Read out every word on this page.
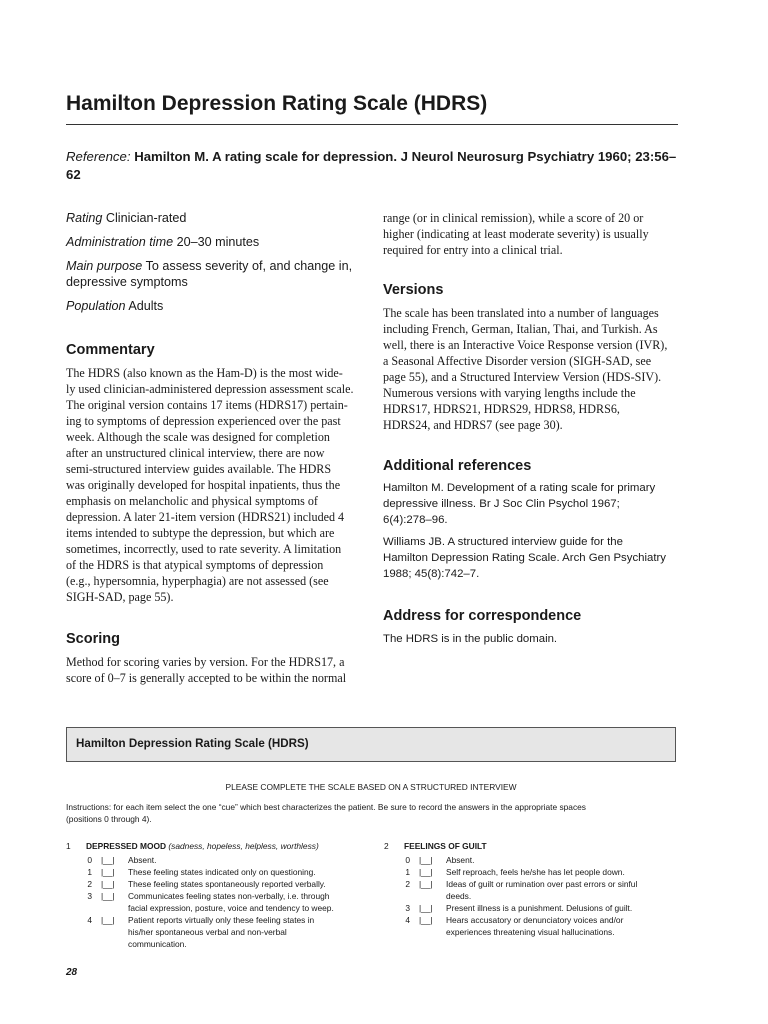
Hamilton Depression Rating Scale (HDRS)
Reference: Hamilton M. A rating scale for depression. J Neurol Neurosurg Psychiatry 1960; 23:56–62

Rating Clinician-rated

Administration time 20–30 minutes

Main purpose To assess severity of, and change in, depressive symptoms

Population Adults

Commentary
The HDRS (also known as the Ham-D) is the most wide-
ly used clinician-administered depression assessment scale.
The original version contains 17 items (HDRS17) pertain-
ing to symptoms of depression experienced over the past
week. Although the scale was designed for completion
after an unstructured clinical interview, there are now
semi-structured interview guides available. The HDRS
was originally developed for hospital inpatients, thus the
emphasis on melancholic and physical symptoms of
depression. A later 21-item version (HDRS21) included 4
items intended to subtype the depression, but which are
sometimes, incorrectly, used to rate severity. A limitation
of the HDRS is that atypical symptoms of depression
(e.g., hypersomnia, hyperphagia) are not assessed (see
SIGH-SAD, page 55).
Scoring
Method for scoring varies by version. For the HDRS17, a
score of 0–7 is generally accepted to be within the normal
range (or in clinical remission), while a score of 20 or
higher (indicating at least moderate severity) is usually
required for entry into a clinical trial.
Versions
The scale has been translated into a number of languages
including French, German, Italian, Thai, and Turkish. As
well, there is an Interactive Voice Response version (IVR),
a Seasonal Affective Disorder version (SIGH-SAD, see
page 55), and a Structured Interview Version (HDS-SIV).
Numerous versions with varying lengths include the
HDRS17, HDRS21, HDRS29, HDRS8, HDRS6,
HDRS24, and HDRS7 (see page 30).
Additional references
Hamilton M. Development of a rating scale for primary
depressive illness. Br J Soc Clin Psychol 1967;
6(4):278–96.
Williams JB. A structured interview guide for the
Hamilton Depression Rating Scale. Arch Gen Psychiatry
1988; 45(8):742–7.
Address for correspondence
The HDRS is in the public domain.
Hamilton Depression Rating Scale (HDRS)
PLEASE COMPLETE THE SCALE BASED ON A STRUCTURED INTERVIEW
Instructions: for each item select the one “cue” which best characterizes the patient. Be sure to record the answers in the appropriate spaces
(positions 0 through 4).
1 DEPRESSED MOOD (sadness, hopeless, helpless, worthless)
0 |__| Absent.
1 |__| These feeling states indicated only on questioning.
2 |__| These feeling states spontaneously reported verbally.
3 |__| Communicates feeling states non-verbally, i.e. through
facial expression, posture, voice and tendency to weep.
4 |__| Patient reports virtually only these feeling states in
his/her spontaneous verbal and non-verbal
communication.
2 FEELINGS OF GUILT
0 |__| Absent.
1 |__| Self reproach, feels he/she has let people down.
2 |__| Ideas of guilt or rumination over past errors or sinful
deeds.
3 |__| Present illness is a punishment. Delusions of guilt.
4 |__| Hears accusatory or denunciatory voices and/or
experiences threatening visual hallucinations.
28
